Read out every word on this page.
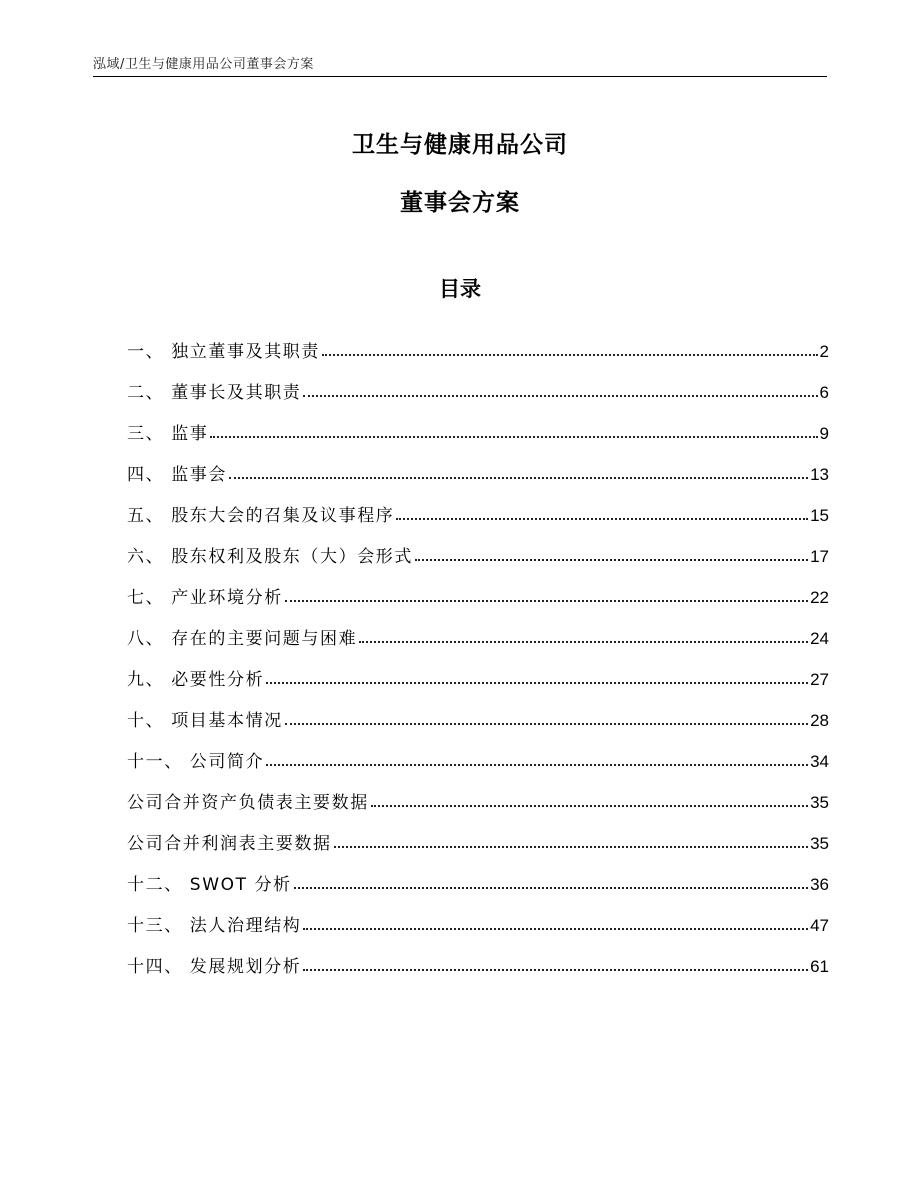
泓域/卫生与健康用品公司董事会方案
卫生与健康用品公司
董事会方案
目录
一、 独立董事及其职责	2
二、 董事长及其职责	6
三、 监事	9
四、 监事会	13
五、 股东大会的召集及议事程序	15
六、 股东权利及股东（大）会形式	17
七、 产业环境分析	22
八、 存在的主要问题与困难	24
九、 必要性分析	27
十、 项目基本情况	28
十一、 公司简介	34
公司合并资产负债表主要数据	35
公司合并利润表主要数据	35
十二、 SWOT 分析	36
十三、 法人治理结构	47
十四、 发展规划分析	61
